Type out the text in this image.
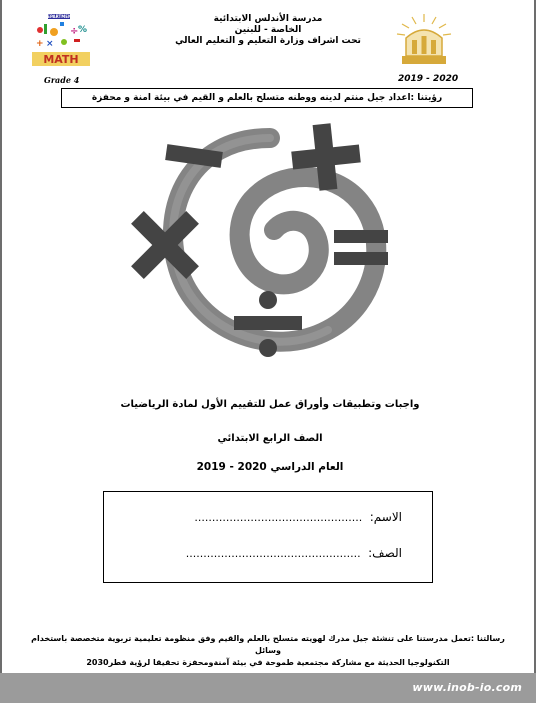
DEPARTMENT
÷ %
+ ×
MATH
مدرسة الأندلس الابتدائية
الخاصة - للبنين
تحت اشراف وزارة التعليم و التعليم العالي
Grade 4	2019 - 2020
رؤيتنا :اعداد جيل منتم لدينه ووطنه متسلح بالعلم و القيم في بيئة امنة و محفزة
واجبات وتطبيقات وأوراق عمل للتقييم الأول لمادة الرياضيات
الصف الرابع الابتدائي
العام الدراسي 2020 - 2019
الاسم: ................................................
الصف: ..................................................
رسالتنا :تعمل مدرستنا على تنشئة جيل مدرك لهويته متسلح بالعلم والقيم وفق منظومة تعليمية تربوية متخصصة باستخدام وسائل
التكنولوجيا الحديثة مع مشاركة مجتمعية طموحة في بيئة آمنةومحفزة تحقيقا لرؤية قطر2030
www.inob-io.com
